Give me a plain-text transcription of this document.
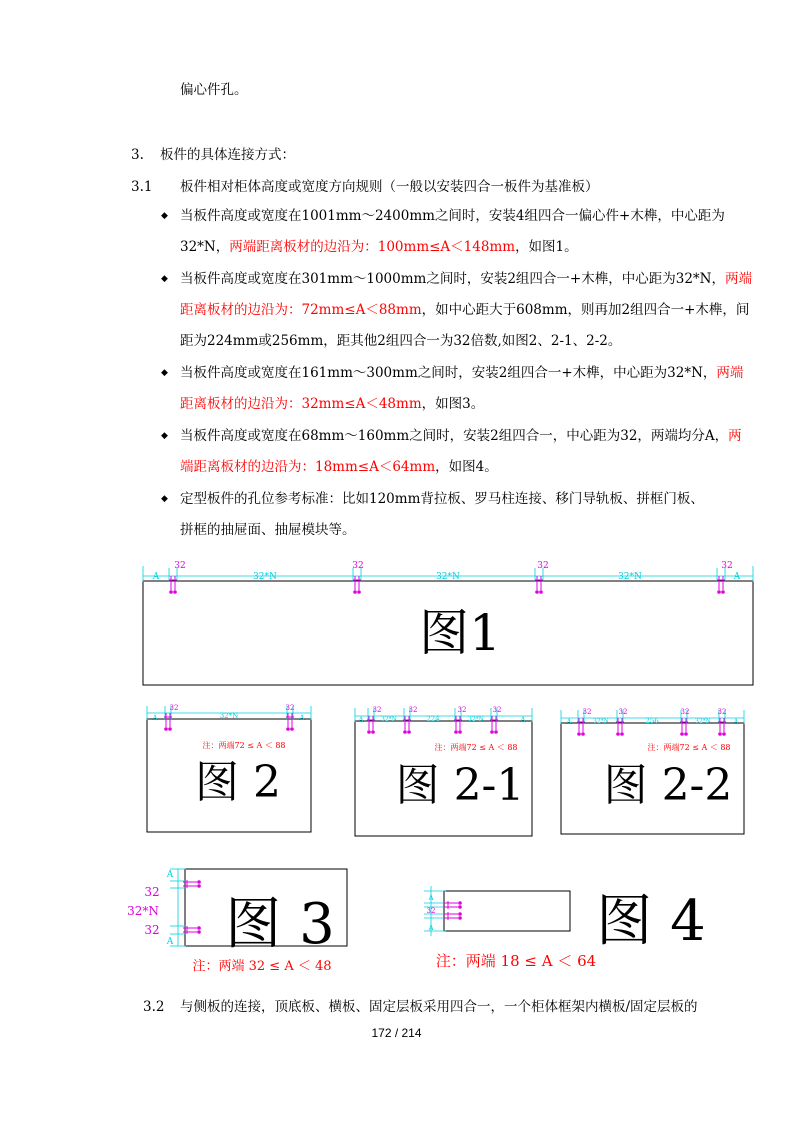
偏心件孔。
3. 板件的具体连接方式：
3.1 板件相对柜体高度或宽度方向规则（一般以安装四合一板件为基准板）
◆ 当板件高度或宽度在1001mm～2400mm之间时，安装4组四合一偏心件+木榫，中心距为
32*N，两端距离板材的边沿为：100mm≤A＜148mm，如图1。
◆ 当板件高度或宽度在301mm～1000mm之间时，安装2组四合一+木榫，中心距为32*N，两端
距离板材的边沿为：72mm≤A＜88mm，如中心距大于608mm，则再加2组四合一+木榫，间
距为224mm或256mm，距其他2组四合一为32倍数,如图2、2-1、2-2。
◆ 当板件高度或宽度在161mm～300mm之间时，安装2组四合一+木榫，中心距为32*N，两端
距离板材的边沿为：32mm≤A＜48mm，如图3。
◆ 当板件高度或宽度在68mm～160mm之间时，安装2组四合一，中心距为32，两端均分A，两
端距离板材的边沿为：18mm≤A＜64mm，如图4。
◆ 定型板件的孔位参考标准：比如120mm背拉板、罗马柱连接、移门导轨板、拼框门板、
拼框的抽屉面、抽屉模块等。
A	A
32	32	32	32
32*N	32*N	32*N
图1
A	A
32	32
32*N
注：两端72 ≤ A ＜ 88
图 2
A	A
32	32	32	32
32*N	224	32*N
注：两端72 ≤ A ＜ 88
图 2-1
A	A
32	32	32	32
32*N	256	32*N
注：两端72 ≤ A ＜ 88
图 2-2
A
A
32
32*N
32
注：两端 32 ≤ A ＜ 48
图 3	A
32
A
注：两端 18 ≤ A ＜ 64
图 4
3.2 与侧板的连接，顶底板、横板、固定层板采用四合一，一个柜体框架内横板/固定层板的
172 / 214
